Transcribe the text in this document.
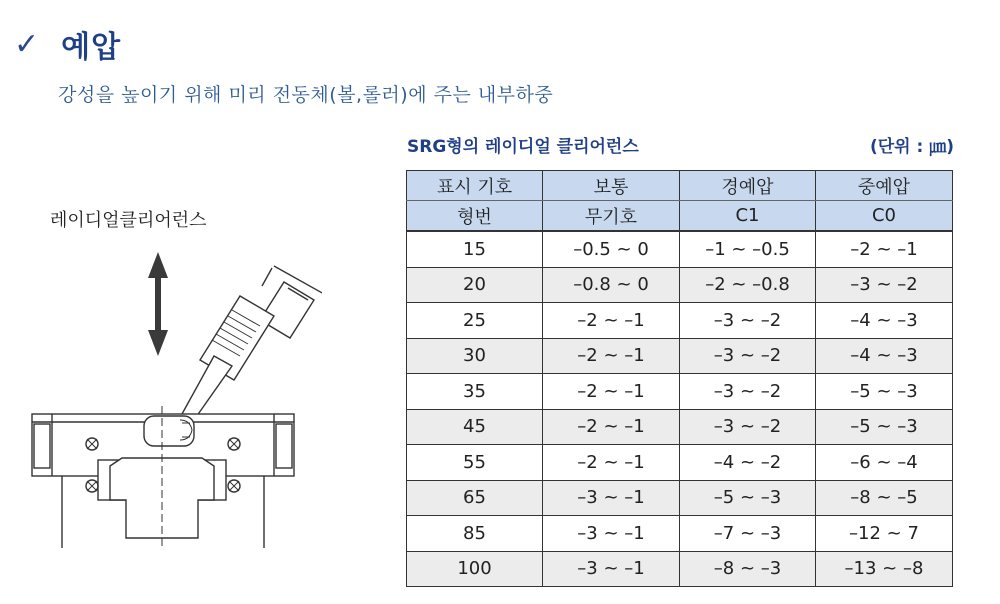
✓ 예압
강성을 높이기 위해 미리 전동체(볼,롤러)에 주는 내부하중
레이디얼클리어런스
SRG형의 레이디얼 클리어런스	(단위 : ㎛)
표시 기호	보통	경예압	중예압
형번	무기호	C1	C0
15	–0.5 ~ 0	–1 ~ –0.5	–2 ~ –1
20	–0.8 ~ 0	–2 ~ –0.8	–3 ~ –2
25	–2 ~ –1	–3 ~ –2	–4 ~ –3
30	–2 ~ –1	–3 ~ –2	–4 ~ –3
35	–2 ~ –1	–3 ~ –2	–5 ~ –3
45	–2 ~ –1	–3 ~ –2	–5 ~ –3
55	–2 ~ –1	–4 ~ –2	–6 ~ –4
65	–3 ~ –1	–5 ~ –3	–8 ~ –5
85	–3 ~ –1	–7 ~ –3	–12 ~ 7
100	–3 ~ –1	–8 ~ –3	–13 ~ –8
